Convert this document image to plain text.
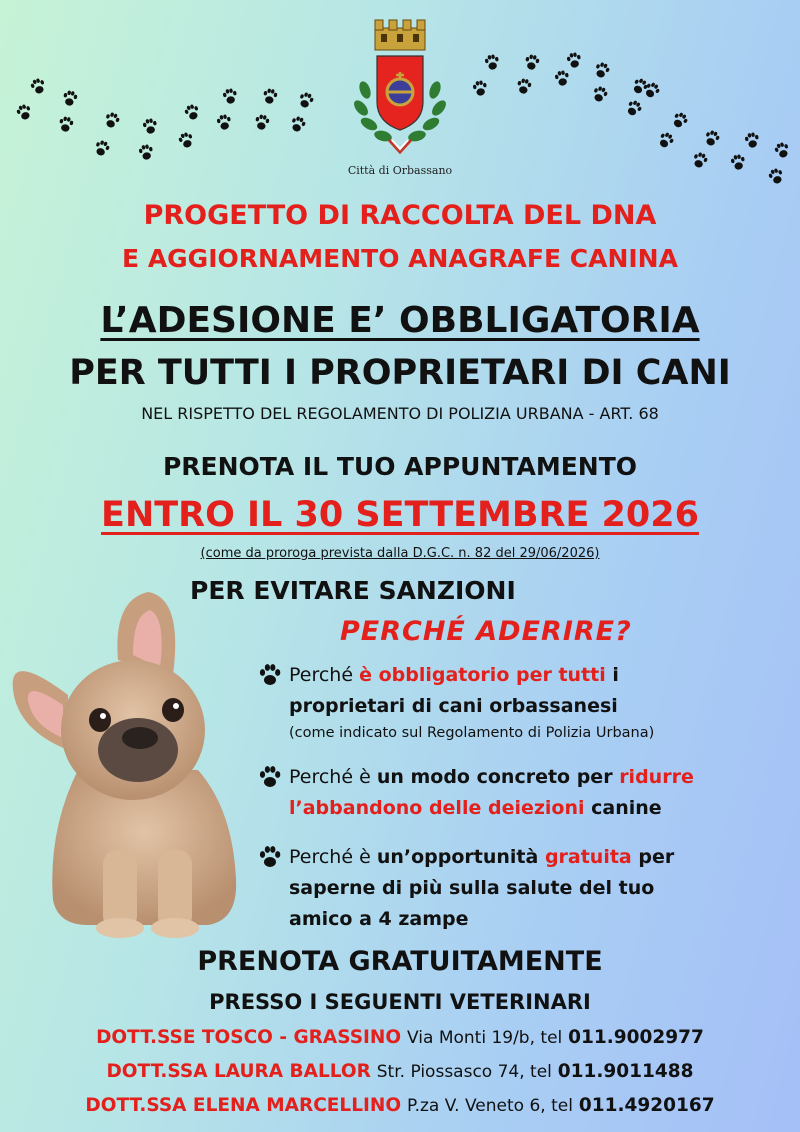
Città di Orbassano
PROGETTO DI RACCOLTA DEL DNA
E AGGIORNAMENTO ANAGRAFE CANINA
L’ADESIONE E’ OBBLIGATORIA
PER TUTTI I PROPRIETARI DI CANI
NEL RISPETTO DEL REGOLAMENTO DI POLIZIA URBANA - ART. 68
PRENOTA IL TUO APPUNTAMENTO
ENTRO IL 30 SETTEMBRE 2026
(come da proroga prevista dalla D.G.C. n. 82 del 29/06/2026)
PER EVITARE SANZIONI
PERCHÉ ADERIRE?
Perché è obbligatorio per tutti i
proprietari di cani orbassanesi
(come indicato sul Regolamento di Polizia Urbana)
Perché è un modo concreto per ridurre
l’abbandono delle deiezioni canine
Perché è un’opportunità gratuita per
saperne di più sulla salute del tuo
amico a 4 zampe
PRENOTA GRATUITAMENTE
PRESSO I SEGUENTI VETERINARI
DOTT.SSE TOSCO - GRASSINO Via Monti 19/b, tel 011.9002977
DOTT.SSA LAURA BALLOR Str. Piossasco 74, tel 011.9011488
DOTT.SSA ELENA MARCELLINO P.za V. Veneto 6, tel 011.4920167
